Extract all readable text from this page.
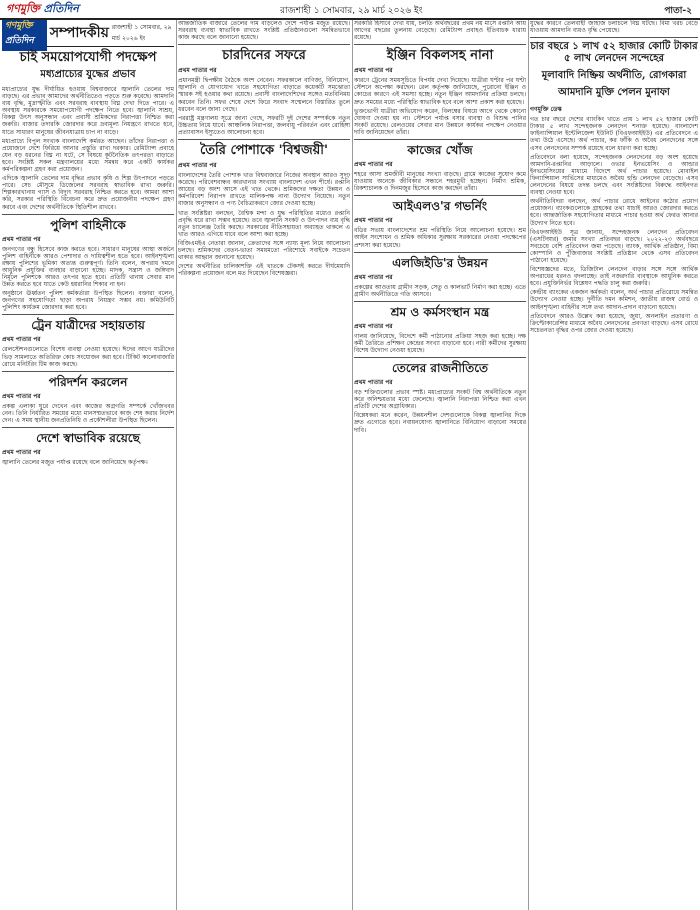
গণমুক্তি প্রতিদিন	রাজশাহী ১ সোমবার, ২৯ মার্চ ২০২৬ ইং	পাতা-২
গণমুক্তি প্রতিদিন	সম্পাদকীয় রাজশাহী ১ সোমবার, ২৯ মার্চ ২০২৬ ইং
চাই সময়োপযোগী পদক্ষেপ
মধ্যপ্রাচ্যের যুদ্ধের প্রভাব

মধ্যপ্রাচ্যের যুদ্ধ দীর্ঘায়িত হওয়ায় বিশ্ববাজারে জ্বালানি তেলের দাম বাড়ছে। এর প্রভাব আমাদের অর্থনীতিতেও পড়তে শুরু করেছে। আমদানি ব্যয় বৃদ্ধি, মুদ্রাস্ফীতি এবং সরবরাহ ব্যবস্থায় বিঘ্ন দেখা দিতে পারে। এ অবস্থায় সরকারকে সময়োপযোগী পদক্ষেপ নিতে হবে। জ্বালানি সাশ্রয়, বিকল্প উৎস অনুসন্ধান এবং প্রবাসী শ্রমিকদের নিরাপত্তা নিশ্চিত করা জরুরি। বাজার তদারকি জোরদার করে দ্রব্যমূল্য নিয়ন্ত্রণে রাখতে হবে, যাতে সাধারণ মানুষের জীবনযাত্রায় চাপ না বাড়ে।

মধ্যপ্রাচ্যে বিপুল সংখ্যক বাংলাদেশি কর্মরত আছেন। তাঁদের নিরাপত্তা ও প্রয়োজনে দেশে ফিরিয়ে আনার প্রস্তুতি রাখা দরকার। রেমিট্যান্স প্রবাহে যেন বড় ধরনের বিঘ্ন না ঘটে, সে বিষয়ে কূটনৈতিক তৎপরতা বাড়াতে হবে। সংশ্লিষ্ট সকল মন্ত্রণালয়ের মধ্যে সমন্বয় করে একটি কার্যকর কর্মপরিকল্পনা গ্রহণ করা প্রয়োজন।

এদিকে জ্বালানি তেলের দাম বৃদ্ধির প্রভাব কৃষি ও শিল্প উৎপাদনে পড়তে পারে। সেচ মৌসুমে ডিজেলের সরবরাহ স্বাভাবিক রাখা জরুরি। শিল্পকারখানায় গ্যাস ও বিদ্যুৎ সরবরাহ নিশ্চিত করতে হবে। আমরা আশা করি, সরকার পরিস্থিতি বিবেচনা করে দ্রুত প্রয়োজনীয় পদক্ষেপ গ্রহণ করবে এবং দেশের অর্থনীতিকে স্থিতিশীল রাখবে।

পুলিশ বাহিনীকে
প্রথম পাতার পর

জনগণের বন্ধু হিসেবে কাজ করতে হবে। সাধারণ মানুষের আস্থা অর্জনে পুলিশ বাহিনীকে আরও পেশাদার ও দায়িত্বশীল হতে হবে। আইনশৃঙ্খলা রক্ষায় পুলিশের ভূমিকা অত্যন্ত গুরুত্বপূর্ণ। তিনি বলেন, অপরাধ দমনে আধুনিক প্রযুক্তির ব্যবহার বাড়ানো হচ্ছে। মাদক, সন্ত্রাস ও জঙ্গিবাদ নির্মূলে পুলিশকে আরও তৎপর হতে হবে। প্রতিটি থানায় সেবার মান উন্নত করতে হবে যাতে কেউ হয়রানির শিকার না হন।

অনুষ্ঠানে ঊর্ধ্বতন পুলিশ কর্মকর্তারা উপস্থিত ছিলেন। বক্তারা বলেন, জনগণের সহযোগিতা ছাড়া অপরাধ নিয়ন্ত্রণ সম্ভব নয়। কমিউনিটি পুলিশিং কার্যক্রম জোরদার করা হবে।

ট্রেন যাত্রীদের সহায়তায়
প্রথম পাতার পর

রেলস্টেশনগুলোতে বিশেষ ব্যবস্থা নেওয়া হয়েছে। ঈদের আগে যাত্রীদের ভিড় সামলাতে অতিরিক্ত কোচ সংযোজন করা হবে। টিকিট কালোবাজারি রোধে মনিটরিং টিম কাজ করছে।

পরিদর্শন করলেন
প্রথম পাতার পর

প্রকল্প এলাকা ঘুরে দেখেন এবং কাজের অগ্রগতি সম্পর্কে খোঁজখবর নেন। তিনি নির্ধারিত সময়ের মধ্যে মানসম্মতভাবে কাজ শেষ করার নির্দেশ দেন। এ সময় স্থানীয় জনপ্রতিনিধি ও প্রকৌশলীরা উপস্থিত ছিলেন।

দেশে স্বাভাবিক রয়েছে
প্রথম পাতার পর

জ্বালানি তেলের মজুত পর্যাপ্ত রয়েছে বলে জানিয়েছে কর্তৃপক্ষ।

আন্তর্জাতিক বাজারে তেলের দাম বাড়লেও দেশে পর্যাপ্ত মজুত রয়েছে। সরবরাহ ব্যবস্থা স্বাভাবিক রাখতে সংশ্লিষ্ট প্রতিষ্ঠানগুলো সমন্বিতভাবে কাজ করছে বলে জানানো হয়েছে।

চারদিনের সফরে
প্রথম পাতার পর

প্রধানমন্ত্রী দ্বিপক্ষীয় বৈঠকে অংশ নেবেন। সফরকালে বাণিজ্য, বিনিয়োগ, জ্বালানি ও যোগাযোগ খাতে সহযোগিতা বাড়াতে কয়েকটি সমঝোতা স্মারক সই হওয়ার কথা রয়েছে। প্রবাসী বাংলাদেশিদের সঙ্গেও মতবিনিময় করবেন তিনি। সফর শেষে দেশে ফিরে সংবাদ সম্মেলনে বিস্তারিত তুলে ধরবেন বলে জানা গেছে।

পররাষ্ট্র মন্ত্রণালয় সূত্রে জানা গেছে, সফরটি দুই দেশের সম্পর্ককে নতুন উচ্চতায় নিয়ে যাবে। আঞ্চলিক নিরাপত্তা, জলবায়ু পরিবর্তন এবং রোহিঙ্গা প্রত্যাবাসন ইস্যুতেও আলোচনা হবে।

তৈরি পোশাকে 'বিশ্বজয়ী'
প্রথম পাতার পর

বাংলাদেশের তৈরি পোশাক খাত বিশ্ববাজারে নিজের অবস্থান আরও সুদৃঢ় করেছে। পরিবেশবান্ধব কারখানার সংখ্যায় বাংলাদেশ এখন শীর্ষে। রপ্তানি আয়ের বড় অংশ আসে এই খাত থেকে। শ্রমিকদের দক্ষতা উন্নয়ন ও কর্মপরিবেশ নিরাপদ রাখতে মালিকপক্ষ নানা উদ্যোগ নিয়েছে। নতুন বাজার অনুসন্ধান ও পণ্য বৈচিত্র্যকরণে জোর দেওয়া হচ্ছে।

খাত সংশ্লিষ্টরা বলছেন, বৈশ্বিক মন্দা ও যুদ্ধ পরিস্থিতির মধ্যেও রপ্তানি প্রবৃদ্ধি ধরে রাখা সম্ভব হয়েছে। তবে জ্বালানি সংকট ও উৎপাদন ব্যয় বৃদ্ধি নতুন চ্যালেঞ্জ তৈরি করছে। সরকারের নীতিসহায়তা অব্যাহত থাকলে এ খাত আরও এগিয়ে যাবে বলে আশা করা হচ্ছে।

বিজিএমইএ নেতারা জানান, ক্রেতাদের সঙ্গে ন্যায্য মূল্য নিয়ে আলোচনা চলছে। শ্রমিকদের বেতন-ভাতা সময়মতো পরিশোধে সবাইকে সচেতন থাকার আহ্বান জানানো হয়েছে।

দেশের অর্থনীতির চালিকাশক্তি এই খাতকে টেকসই করতে দীর্ঘমেয়াদি পরিকল্পনা প্রয়োজন বলে মত দিয়েছেন বিশেষজ্ঞরা।

সরকারি হিসাবে দেখা যায়, চলতি অর্থবছরের প্রথম নয় মাসে রপ্তানি আয় আগের বছরের তুলনায় বেড়েছে। রেমিট্যান্স প্রবাহও ইতিবাচক ধারায় রয়েছে।

ইঞ্জিন বিকলসহ নানা
প্রথম পাতার পর

কারণে ট্রেনের সময়সূচিতে বিপর্যয় দেখা দিয়েছে। যাত্রীরা ঘণ্টার পর ঘণ্টা স্টেশনে অপেক্ষা করছেন। রেল কর্তৃপক্ষ জানিয়েছে, পুরোনো ইঞ্জিন ও কোচের কারণে এই সমস্যা হচ্ছে। নতুন ইঞ্জিন আমদানির প্রক্রিয়া চলছে। দ্রুত সময়ের মধ্যে পরিস্থিতি স্বাভাবিক হবে বলে আশা প্রকাশ করা হয়েছে।

ভুক্তভোগী যাত্রীরা অভিযোগ করেন, বিলম্বের বিষয়ে আগে থেকে কোনো ঘোষণা দেওয়া হয় না। স্টেশনে পর্যাপ্ত বসার ব্যবস্থা ও বিশুদ্ধ পানির সংকট রয়েছে। রেলওয়ের সেবার মান উন্নয়নে কার্যকর পদক্ষেপ নেওয়ার দাবি জানিয়েছেন তাঁরা।

কাজের খোঁজ
প্রথম পাতার পর

শহরে আসা শ্রমজীবী মানুষের সংখ্যা বাড়ছে। গ্রামে কাজের সুযোগ কমে যাওয়ায় অনেকে জীবিকার সন্ধানে শহরমুখী হচ্ছেন। নির্মাণ শ্রমিক, রিকশাচালক ও দিনমজুর হিসেবে কাজ করছেন তাঁরা।

আইএলও'র গভর্নিং
প্রথম পাতার পর

বডির সভায় বাংলাদেশের শ্রম পরিস্থিতি নিয়ে আলোচনা হয়েছে। শ্রম আইন সংশোধন ও শ্রমিক অধিকার সুরক্ষায় সরকারের নেওয়া পদক্ষেপের প্রশংসা করা হয়েছে।

এলজিইডি'র উন্নয়ন
প্রথম পাতার পর

প্রকল্পের আওতায় গ্রামীণ সড়ক, সেতু ও কালভার্ট নির্মাণ করা হচ্ছে। এতে গ্রামীণ অর্থনীতিতে গতি আসবে।

শ্রম ও কর্মসংস্থান মন্ত্র
প্রথম পাতার পর

ণালয় জানিয়েছে, বিদেশে কর্মী পাঠানোর প্রক্রিয়া সহজ করা হচ্ছে। দক্ষ কর্মী তৈরিতে প্রশিক্ষণ কেন্দ্রের সংখ্যা বাড়ানো হবে। নারী কর্মীদের সুরক্ষায় বিশেষ উদ্যোগ নেওয়া হয়েছে।

তেলের রাজনীতিতে
প্রথম পাতার পর

বড় শক্তিগুলোর প্রভাব স্পষ্ট। মধ্যপ্রাচ্যের সংকট বিশ্ব অর্থনীতিকে নতুন করে অনিশ্চয়তার মধ্যে ফেলেছে। জ্বালানি নিরাপত্তা নিশ্চিত করা এখন প্রতিটি দেশের অগ্রাধিকার।

বিশ্লেষকরা মনে করেন, উন্নয়নশীল দেশগুলোকে বিকল্প জ্বালানির দিকে দ্রুত এগোতে হবে। নবায়নযোগ্য জ্বালানিতে বিনিয়োগ বাড়ানো সময়ের দাবি।

যুদ্ধের কারণে তেলবাহী জাহাজ চলাচলে বিঘ্ন ঘটছে। বিমা খরচ বেড়ে যাওয়ায় আমদানি ব্যয়ও বৃদ্ধি পেয়েছে।

চার বছরে ১ লাখ ৫২ হাজার কোটি টাকার ৫ লাখ লেনদেন সন্দেহের
মূলাবাদি নিষ্ক্রিয় অর্থনীতি, রোগকারা আমদানি মুক্তি পেলন মুনাফা
গণমুক্তি ডেস্ক

গত চার বছরে দেশের ব্যাংকিং খাতে প্রায় ১ লাখ ৫২ হাজার কোটি টাকার ৫ লাখ সন্দেহজনক লেনদেন শনাক্ত হয়েছে। বাংলাদেশ ফাইন্যান্সিয়াল ইন্টেলিজেন্স ইউনিট (বিএফআইইউ) এর প্রতিবেদনে এ তথ্য উঠে এসেছে। অর্থ পাচার, কর ফাঁকি ও অবৈধ লেনদেনের সঙ্গে এসব লেনদেনের সম্পর্ক রয়েছে বলে ধারণা করা হচ্ছে।

প্রতিবেদনে বলা হয়েছে, সন্দেহজনক লেনদেনের বড় অংশ হয়েছে আমদানি-রপ্তানির আড়ালে। ওভার ইনভয়েসিং ও আন্ডার ইনভয়েসিংয়ের মাধ্যমে বিদেশে অর্থ পাচার হয়েছে। মোবাইল ফিন্যান্সিয়াল সার্ভিসের মাধ্যমেও অবৈধ হুন্ডি লেনদেন বেড়েছে। এসব লেনদেনের বিষয়ে তদন্ত চলছে এবং সংশ্লিষ্টদের বিরুদ্ধে আইনগত ব্যবস্থা নেওয়া হবে।

অর্থনীতিবিদরা বলছেন, অর্থ পাচার রোধে আইনের কঠোর প্রয়োগ প্রয়োজন। ব্যাংকগুলোকে গ্রাহকের তথ্য যাচাই আরও জোরদার করতে হবে। আন্তর্জাতিক সহযোগিতার মাধ্যমে পাচার হওয়া অর্থ ফেরত আনার উদ্যোগ নিতে হবে।

বিএফআইইউ সূত্র জানায়, সন্দেহজনক লেনদেন প্রতিবেদন (এসটিআর) জমার সংখ্যা প্রতিবছর বাড়ছে। ২০২২-২৩ অর্থবছরে সবচেয়ে বেশি প্রতিবেদন জমা পড়েছে। ব্যাংক, আর্থিক প্রতিষ্ঠান, বিমা কোম্পানি ও পুঁজিবাজার সংশ্লিষ্ট প্রতিষ্ঠান থেকে এসব প্রতিবেদন পাঠানো হয়েছে।

বিশেষজ্ঞদের মতে, ডিজিটাল লেনদেন বাড়ার সঙ্গে সঙ্গে আর্থিক অপরাধের ধরনও বদলাচ্ছে। তাই নজরদারি ব্যবস্থাকে আধুনিক করতে হবে। প্রযুক্তিনির্ভর বিশ্লেষণ পদ্ধতি চালু করা জরুরি।

কেন্দ্রীয় ব্যাংকের একজন কর্মকর্তা বলেন, অর্থ পাচার প্রতিরোধে সমন্বিত উদ্যোগ নেওয়া হচ্ছে। দুর্নীতি দমন কমিশন, জাতীয় রাজস্ব বোর্ড ও আইনশৃঙ্খলা বাহিনীর সঙ্গে তথ্য আদান-প্রদান বাড়ানো হয়েছে।

প্রতিবেদনে আরও উল্লেখ করা হয়েছে, জুয়া, অনলাইন প্রতারণা ও ক্রিপ্টোকারেন্সির মাধ্যমে অবৈধ লেনদেনের প্রবণতা বাড়ছে। এসব রোধে সচেতনতা বৃদ্ধির ওপর জোর দেওয়া হয়েছে।
